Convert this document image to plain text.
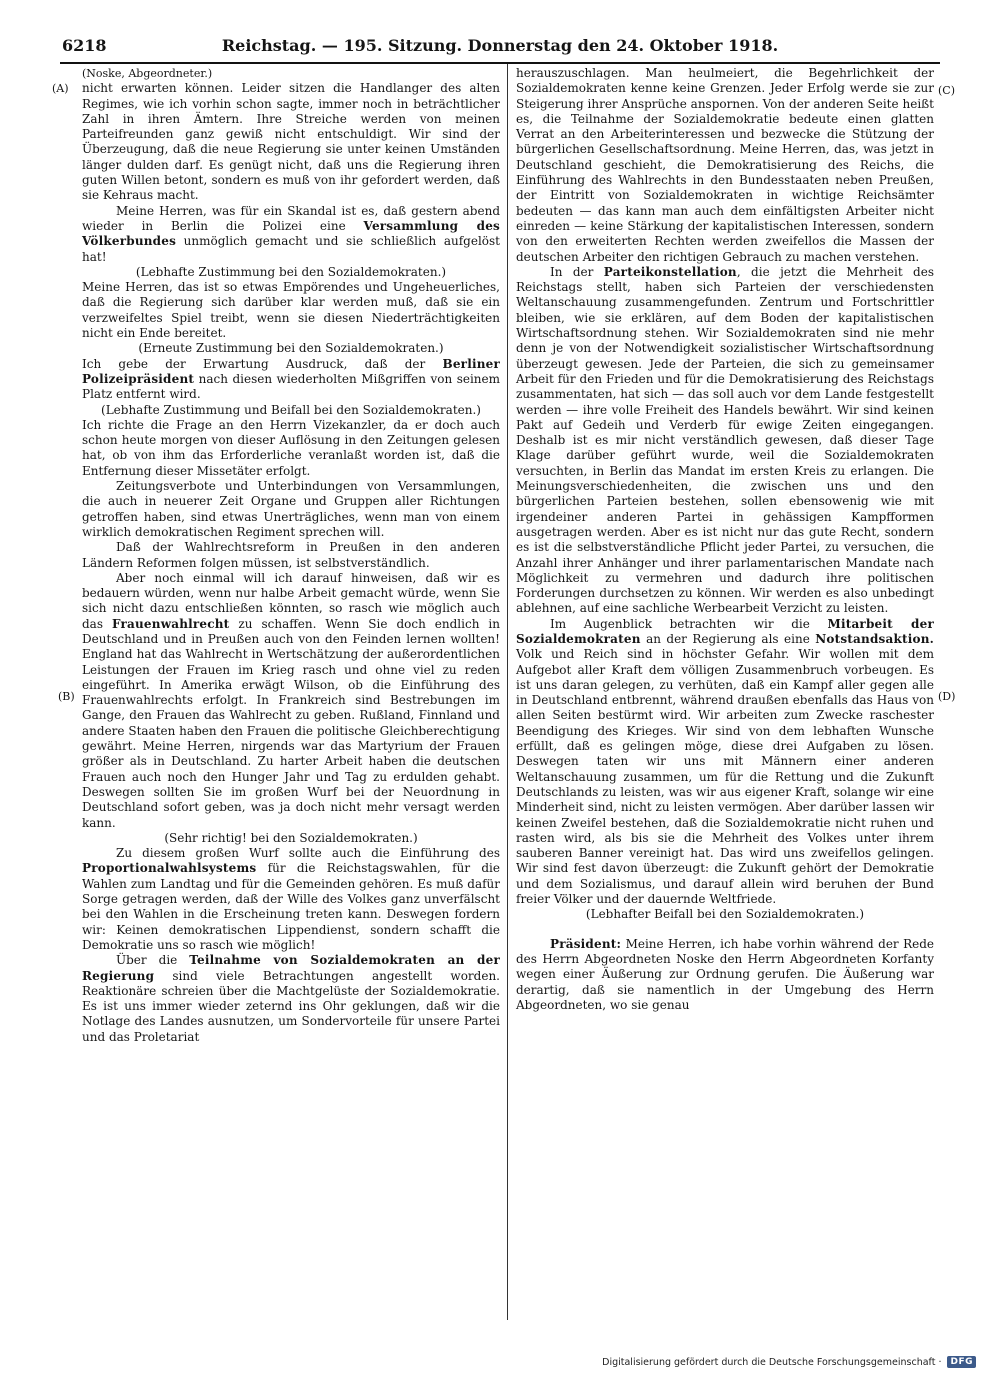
6218	Reichstag. — 195. Sitzung. Donnerstag den 24. Oktober 1918.
(A)
(B)
(C)
(D)

(Noske, Abgeordneter.)

nicht erwarten können. Leider sitzen die Handlanger des alten Regimes, wie ich vorhin schon sagte, immer noch in beträchtlicher Zahl in ihren Ämtern. Ihre Streiche werden von meinen Parteifreunden ganz gewiß nicht entschuldigt. Wir sind der Überzeugung, daß die neue Regierung sie unter keinen Umständen länger dulden darf. Es genügt nicht, daß uns die Regierung ihren guten Willen betont, sondern es muß von ihr gefordert werden, daß sie Kehraus macht.

Meine Herren, was für ein Skandal ist es, daß gestern abend wieder in Berlin die Polizei eine Versammlung des Völkerbundes unmöglich gemacht und sie schließlich aufgelöst hat!

(Lebhafte Zustimmung bei den Sozialdemokraten.)

Meine Herren, das ist so etwas Empörendes und Ungeheuerliches, daß die Regierung sich darüber klar werden muß, daß sie ein verzweifeltes Spiel treibt, wenn sie diesen Niederträchtigkeiten nicht ein Ende bereitet.

(Erneute Zustimmung bei den Sozialdemokraten.)

Ich gebe der Erwartung Ausdruck, daß der Berliner Polizeipräsident nach diesen wiederholten Mißgriffen von seinem Platz entfernt wird.

(Lebhafte Zustimmung und Beifall bei den Sozialdemokraten.)

Ich richte die Frage an den Herrn Vizekanzler, da er doch auch schon heute morgen von dieser Auflösung in den Zeitungen gelesen hat, ob von ihm das Erforderliche veranlaßt worden ist, daß die Entfernung dieser Missetäter erfolgt.

Zeitungsverbote und Unterbindungen von Versammlungen, die auch in neuerer Zeit Organe und Gruppen aller Richtungen getroffen haben, sind etwas Unerträgliches, wenn man von einem wirklich demokratischen Regiment sprechen will.

Daß der Wahlrechtsreform in Preußen in den anderen Ländern Reformen folgen müssen, ist selbstverständlich.

Aber noch einmal will ich darauf hinweisen, daß wir es bedauern würden, wenn nur halbe Arbeit gemacht würde, wenn Sie sich nicht dazu entschließen könnten, so rasch wie möglich auch das Frauenwahlrecht zu schaffen. Wenn Sie doch endlich in Deutschland und in Preußen auch von den Feinden lernen wollten! England hat das Wahlrecht in Wertschätzung der außerordentlichen Leistungen der Frauen im Krieg rasch und ohne viel zu reden eingeführt. In Amerika erwägt Wilson, ob die Einführung des Frauenwahlrechts erfolgt. In Frankreich sind Bestrebungen im Gange, den Frauen das Wahlrecht zu geben. Rußland, Finnland und andere Staaten haben den Frauen die politische Gleichberechtigung gewährt. Meine Herren, nirgends war das Martyrium der Frauen größer als in Deutschland. Zu harter Arbeit haben die deutschen Frauen auch noch den Hunger Jahr und Tag zu erdulden gehabt. Deswegen sollten Sie im großen Wurf bei der Neuordnung in Deutschland sofort geben, was ja doch nicht mehr versagt werden kann.

(Sehr richtig! bei den Sozialdemokraten.)

Zu diesem großen Wurf sollte auch die Einführung des Proportionalwahlsystems für die Reichstagswahlen, für die Wahlen zum Landtag und für die Gemeinden gehören. Es muß dafür Sorge getragen werden, daß der Wille des Volkes ganz unverfälscht bei den Wahlen in die Erscheinung treten kann. Deswegen fordern wir: Keinen demokratischen Lippendienst, sondern schafft die Demokratie uns so rasch wie möglich!

Über die Teilnahme von Sozialdemokraten an der Regierung sind viele Betrachtungen angestellt worden. Reaktionäre schreien über die Machtgelüste der Sozialdemokratie. Es ist uns immer wieder zeternd ins Ohr geklungen, daß wir die Notlage des Landes ausnutzen, um Sondervorteile für unsere Partei und das Proletariat

herauszuschlagen. Man heulmeiert, die Begehrlichkeit der Sozialdemokraten kenne keine Grenzen. Jeder Erfolg werde sie zur Steigerung ihrer Ansprüche anspornen. Von der anderen Seite heißt es, die Teilnahme der Sozialdemokratie bedeute einen glatten Verrat an den Arbeiterinteressen und bezwecke die Stützung der bürgerlichen Gesellschaftsordnung. Meine Herren, das, was jetzt in Deutschland geschieht, die Demokratisierung des Reichs, die Einführung des Wahlrechts in den Bundesstaaten neben Preußen, der Eintritt von Sozialdemokraten in wichtige Reichsämter bedeuten — das kann man auch dem einfältigsten Arbeiter nicht einreden — keine Stärkung der kapitalistischen Interessen, sondern von den erweiterten Rechten werden zweifellos die Massen der deutschen Arbeiter den richtigen Gebrauch zu machen verstehen.

In der Parteikonstellation, die jetzt die Mehrheit des Reichstags stellt, haben sich Parteien der verschiedensten Weltanschauung zusammengefunden. Zentrum und Fortschrittler bleiben, wie sie erklären, auf dem Boden der kapitalistischen Wirtschaftsordnung stehen. Wir Sozialdemokraten sind nie mehr denn je von der Notwendigkeit sozialistischer Wirtschaftsordnung überzeugt gewesen. Jede der Parteien, die sich zu gemeinsamer Arbeit für den Frieden und für die Demokratisierung des Reichstags zusammentaten, hat sich — das soll auch vor dem Lande festgestellt werden — ihre volle Freiheit des Handels bewährt. Wir sind keinen Pakt auf Gedeih und Verderb für ewige Zeiten eingegangen. Deshalb ist es mir nicht verständlich gewesen, daß dieser Tage Klage darüber geführt wurde, weil die Sozialdemokraten versuchten, in Berlin das Mandat im ersten Kreis zu erlangen. Die Meinungsverschiedenheiten, die zwischen uns und den bürgerlichen Parteien bestehen, sollen ebensowenig wie mit irgendeiner anderen Partei in gehässigen Kampfformen ausgetragen werden. Aber es ist nicht nur das gute Recht, sondern es ist die selbstverständliche Pflicht jeder Partei, zu versuchen, die Anzahl ihrer Anhänger und ihrer parlamentarischen Mandate nach Möglichkeit zu vermehren und dadurch ihre politischen Forderungen durchsetzen zu können. Wir werden es also unbedingt ablehnen, auf eine sachliche Werbearbeit Verzicht zu leisten.

Im Augenblick betrachten wir die Mitarbeit der Sozialdemokraten an der Regierung als eine Notstandsaktion. Volk und Reich sind in höchster Gefahr. Wir wollen mit dem Aufgebot aller Kraft dem völligen Zusammenbruch vorbeugen. Es ist uns daran gelegen, zu verhüten, daß ein Kampf aller gegen alle in Deutschland entbrennt, während draußen ebenfalls das Haus von allen Seiten bestürmt wird. Wir arbeiten zum Zwecke raschester Beendigung des Krieges. Wir sind von dem lebhaften Wunsche erfüllt, daß es gelingen möge, diese drei Aufgaben zu lösen. Deswegen taten wir uns mit Männern einer anderen Weltanschauung zusammen, um für die Rettung und die Zukunft Deutschlands zu leisten, was wir aus eigener Kraft, solange wir eine Minderheit sind, nicht zu leisten vermögen. Aber darüber lassen wir keinen Zweifel bestehen, daß die Sozialdemokratie nicht ruhen und rasten wird, als bis sie die Mehrheit des Volkes unter ihrem sauberen Banner vereinigt hat. Das wird uns zweifellos gelingen. Wir sind fest davon überzeugt: die Zukunft gehört der Demokratie und dem Sozialismus, und darauf allein wird beruhen der Bund freier Völker und der dauernde Weltfriede.

(Lebhafter Beifall bei den Sozialdemokraten.)

Präsident: Meine Herren, ich habe vorhin während der Rede des Herrn Abgeordneten Noske den Herrn Abgeordneten Korfanty wegen einer Äußerung zur Ordnung gerufen. Die Äußerung war derartig, daß sie namentlich in der Umgebung des Herrn Abgeordneten, wo sie genau

Digitalisierung gefördert durch die Deutsche Forschungsgemeinschaft ·	DFG
